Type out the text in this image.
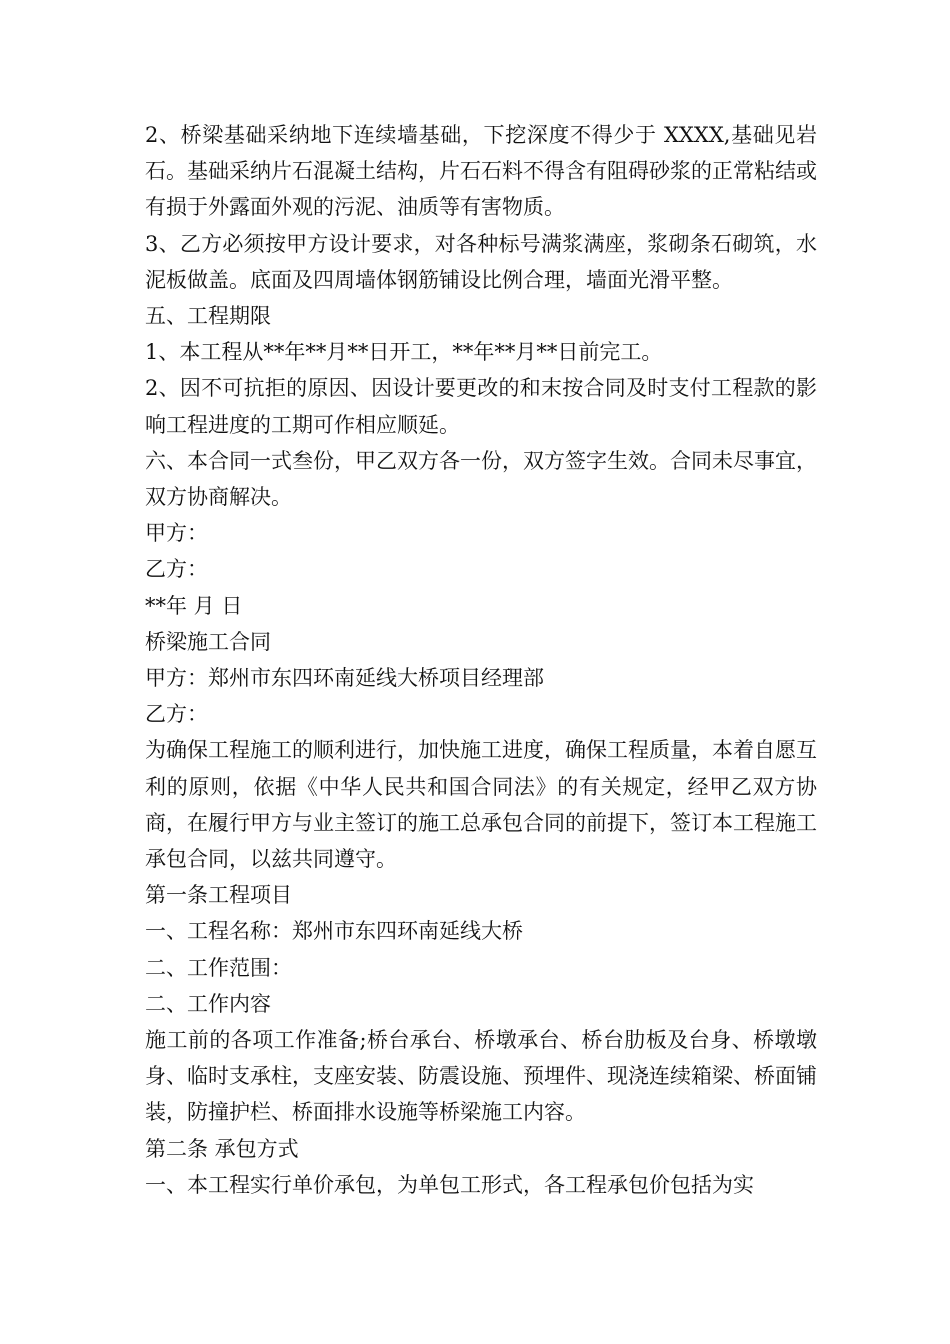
2、桥梁基础采纳地下连续墙基础，下挖深度不得少于 XXXX,基础见岩石。基础采纳片石混凝土结构，片石石料不得含有阻碍砂浆的正常粘结或有损于外露面外观的污泥、油质等有害物质。

3、乙方必须按甲方设计要求，对各种标号满浆满座，浆砌条石砌筑，水泥板做盖。底面及四周墙体钢筋铺设比例合理，墙面光滑平整。

五、工程期限

1、本工程从**年**月**日开工，**年**月**日前完工。

2、因不可抗拒的原因、因设计要更改的和末按合同及时支付工程款的影响工程进度的工期可作相应顺延。

六、本合同一式叁份，甲乙双方各一份，双方签字生效。合同未尽事宜，双方协商解决。

甲方：

乙方：

**年 月 日

桥梁施工合同

甲方：郑州市东四环南延线大桥项目经理部

乙方：

为确保工程施工的顺利进行，加快施工进度，确保工程质量，本着自愿互利的原则，依据《中华人民共和国合同法》的有关规定，经甲乙双方协商，在履行甲方与业主签订的施工总承包合同的前提下，签订本工程施工承包合同，以兹共同遵守。

第一条工程项目

一、工程名称：郑州市东四环南延线大桥

二、工作范围：

二、工作内容

施工前的各项工作准备;桥台承台、桥墩承台、桥台肋板及台身、桥墩墩身、临时支承柱，支座安装、防震设施、预埋件、现浇连续箱梁、桥面铺装，防撞护栏、桥面排水设施等桥梁施工内容。

第二条 承包方式

一、本工程实行单价承包，为单包工形式，各工程承包价包括为实
